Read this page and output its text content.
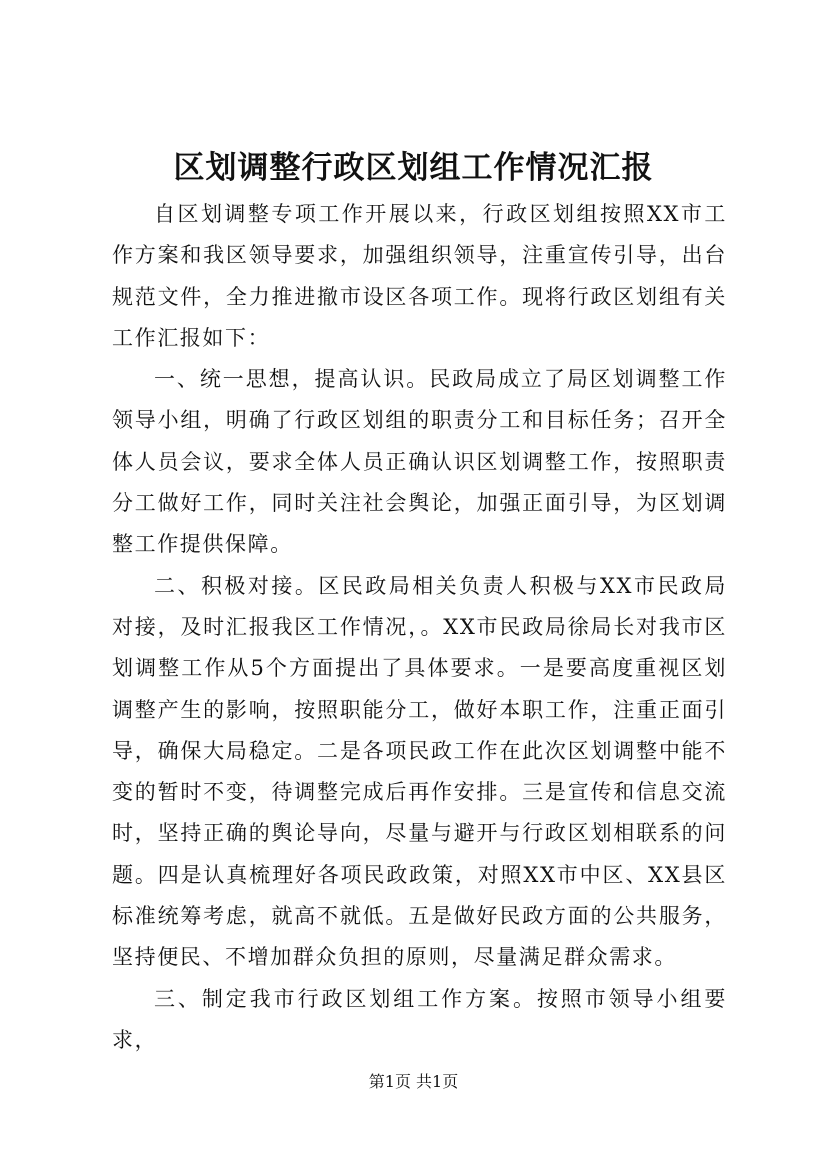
区划调整行政区划组工作情况汇报

自区划调整专项工作开展以来，行政区划组按照XX市工作方案和我区领导要求，加强组织领导，注重宣传引导，出台规范文件，全力推进撤市设区各项工作。现将行政区划组有关工作汇报如下：

一、统一思想，提高认识。民政局成立了局区划调整工作领导小组，明确了行政区划组的职责分工和目标任务；召开全体人员会议，要求全体人员正确认识区划调整工作，按照职责分工做好工作，同时关注社会舆论，加强正面引导，为区划调整工作提供保障。

二、积极对接。区民政局相关负责人积极与XX市民政局对接，及时汇报我区工作情况，。XX市民政局徐局长对我市区划调整工作从5个方面提出了具体要求。一是要高度重视区划调整产生的影响，按照职能分工，做好本职工作，注重正面引导，确保大局稳定。二是各项民政工作在此次区划调整中能不变的暂时不变，待调整完成后再作安排。三是宣传和信息交流时，坚持正确的舆论导向，尽量与避开与行政区划相联系的问题。四是认真梳理好各项民政政策，对照XX市中区、XX县区标准统筹考虑，就高不就低。五是做好民政方面的公共服务，坚持便民、不增加群众负担的原则，尽量满足群众需求。

三、制定我市行政区划组工作方案。按照市领导小组要求，

第1页 共1页
